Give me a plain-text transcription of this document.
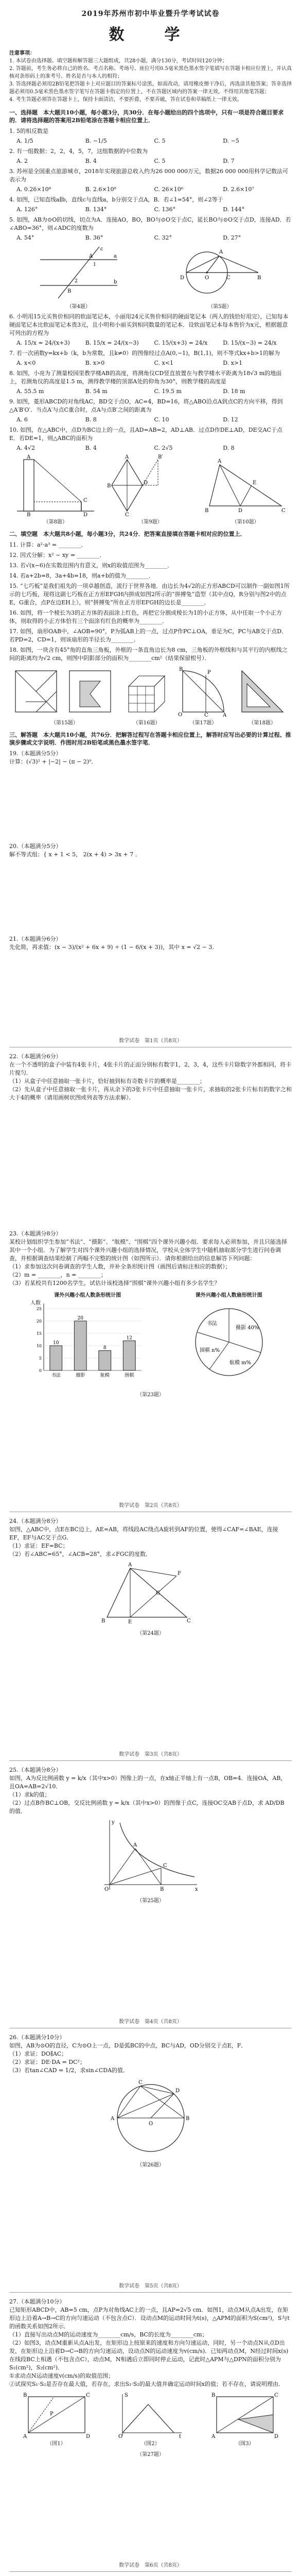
2019年苏州市初中毕业暨升学考试试卷
数　学
注意事项：
1. 本试卷由选择题、填空题和解答题三大题组成，共28小题，满分130分，考试时间120分钟；
2. 答题前，考生务必将自己的姓名、考点名称、考场号、座位号用0.5毫米黑色墨水签字笔填写在答题卡相应位置上，并认真核对条形码上的准考号、姓名是否与本人的相符；
3. 答选择题必须用2B铅笔把答题卡上对应题目的答案标号涂黑，如需改动，请用橡皮擦干净后，再选涂其他答案；答非选择题必须用0.5毫米黑色墨水签字笔写在答题卡指定的位置上，不在答题区域内的答案一律无效，不得用其他笔答题；
4. 考生答题必须答在答题卡上，保持卡面清洁，不要折叠，不要弄破，答在试卷和草稿纸上一律无效。
一、选择题　本大题共10小题，每小题3分，共30分．在每小题给出的四个选项中，只有一项是符合题目要求的．请将选择题的答案用2B铅笔涂在答题卡相应位置上．
1. 5的相反数是
A. 1/5	B. −1/5	C. 5	D. −5
2. 有一组数据：2，2，4，5，7，这组数据的中位数为
A. 2	B. 4	C. 5	D. 7
3. 苏州是全国重点旅游城市，2018年实现旅游总收入约为26 000 000万元，数据26 000 000用科学记数法可表示为
A. 0.26×10⁸	B. 2.6×10⁸	C. 26×10⁶	D. 2.6×10⁷
4. 如图，已知直线a∥b，直线c与直线a，b分别交于点A，B．若∠1=54°，则∠2等于
A. 126°	B. 134°	C. 136°	D. 144°
5. 如图，AB为⊙O的切线，切点为A．连接AO，BO，BO与⊙O交于点C，延长BO与⊙O交于点D，连接AD．若∠ABO=36°，则∠ADC的度数为
A. 54°	B. 36°	C. 32°	D. 27°
a
b
c
A
B
1
2
（第4题）
A
B
C
D	O
（第5题）
6. 小明用15元买售价相同的软面笔记本，小丽用24元买售价相同的硬面笔记本（两人的钱恰好用完），已知每本硬面笔记本比软面笔记本贵3元，且小明和小丽买到相同数量的笔记本．设软面笔记本每本售价为x元，根据题意可列出的方程为
A. 15/x = 24/(x+3)	B. 15/x = 24/(x−3)	C. 15/(x+3) = 24/x	D. 15/(x−3) = 24/x
7. 若一次函数y=kx+b（k，b为常数，且k≠0）的图像经过点A(0,−1)，B(1,1)，则不等式kx+b>1的解为
A. x<0	B. x>0	C. x<1	D. x>1
8. 如图，小亮为了测量校园里教学楼AB的高度，将测角仪CD竖直放置在与教学楼水平距离为18√3 m的地面上，若测角仪的高度是1.5 m，测得教学楼的顶部A处的仰角为30°，则教学楼的高度是
A. 55.5 m	B. 54 m	C. 19.5 m	D. 18 m
9. 如图，菱形ABCD的对角线AC，BD交于点O，AC=4，BD=16，将△ABO沿点A到点C的方向平移，得到△A′B′O′．当点A′与点C重合时，点A与点B′之间的距离为
A. 6	B. 8	C. 10	D. 12
10. 如图，在△ABC中，点D为BC边上的一点，且AD=AB=2，AD⊥AB．过点D作DE⊥AD，DE交AC于点E．若DE=1，则△ABC的面积为
A. 4√2	B. 4	C. 2√5	D. 8
A
B
C
D
（第8题）
A
B
C
D
B′
（第9题）
A
B	C
D
E
（第10题）
二、填空题　本大题共8小题，每小题3分，共24分．把答案直接填在答题卡相对应的位置上．
11. 计算：a²·a³ = ________．
12. 因式分解：x² − xy = ________．
13. 若√(x−6)在实数范围内有意义，则x的取值范围为________．
14. 若a+2b=8，3a+4b=18，则a+b的值为________．
15. “七巧板”是我们祖先的一项卓越创造，流行于世界各地．由边长为4√2的正方形ABCD可以制作一副如图1所示的七巧板，现将这副七巧板在正方形EFGH内拼成如图2所示的“拼搏兔”造型（其中点Q，R分别与图2中的点E，G重合，点P在边EH上），则“拼搏兔”所在正方形EFGH的边长是________．
16. 如图，将一个棱长为3的正方体的表面涂上红色，再把它分割成棱长为1的小正方体，从中任取一个小正方体，则取得的小正方体恰有三个面涂有红色的概率为________．
17. 如图，扇形OAB中，∠AOB=90°，P为弧AB上的一点，过点P作PC⊥OA，垂足为C，PC与AB交于点D．若PD=2，CD=1，则该扇形的半径长为________．
18. 如图，一块含有45°角的直角三角板，外框的一条直角边长为8 cm，三角板的外框线和与其平行的内框线之间的距离均为√2 cm，则图中阴影部分的面积为________cm²（结果保留根号）．
（第15题）	（第16题）
O	A
B
C
P
（第17题）	（第18题）
三、解答题　本大题共10小题，共76分．把解答过程写在答题卡相应位置上，解答时应写出必要的计算过程、推演步骤或文字说明．作图时用2B铅笔或黑色墨水签字笔．
19.（本题满分5分）
计算：(√3)² + |−2| − (π − 2)⁰．
20.（本题满分5分）
解不等式组：{ x + 1 < 5， 2(x + 4) > 3x + 7 ．
21.（本题满分6分）
先化简，再求值：(x − 3)/(x² + 6x + 9) ÷ (1 − 6/(x + 3))，其中 x = √2 − 3．
数学试卷　第1页（共8页）
22.（本题满分6分）
在一个不透明的盒子中装有4张卡片，4张卡片的正面分别标有数字1，2，3，4，这些卡片除数字外都相同，将卡片搅匀．
（1）从盒子中任意抽取一张卡片，恰好抽到标有奇数卡片的概率是________；
（2）先从盒子中任意抽取一张卡片，再从余下的3张卡片中任意抽取一张卡片，求抽取的2张卡片标有的数字之和大于4的概率（请用画树状图或列表等方法求解）．
23.（本题满分8分）
某校计划组织学生参加“书法”、“摄影”、“航模”、“围棋”四个课外兴趣小组．要求每人必须参加，并且只能选择其中一个小组．为了解学生对四个课外兴趣小组的选择情况，学校从全体学生中随机抽取部分学生进行问卷调查，并根据调查结果绘制了两幅不完整的统计图（如图所示）．请你根据给出的信息解答下列问题：
（1）求参加这次问卷调查的学生人数，并补全条形统计图（画图后请标注相应的数据）；
（2）m = ________，n = ________；
（3）若某校共有1200名学生，试估计该校选择“围棋”课外兴趣小组有多少名学生？
课外兴趣小组人数条形统计图
人数
0
5
10
15
20
25
书法
10
摄影
20
航模
8
围棋
12
课外兴趣小组人数扇形统计图
书法
摄影 40%
航模 m%
围棋 n%
（第23题）
数学试卷　第2页（共8页）
24.（本题满分8分）
如图，△ABC中，点E在BC边上，AE=AB，将线段AC绕点A旋转到AF的位置，使得∠CAF=∠BAE，连接EF，EF与AC交于点G．
（1）求证：EF=BC；
（2）若∠ABC=65°，∠ACB=28°，求∠FGC的度数．
A
B	C
E
F
G
（第24题）
数学试卷　第3页（共8页）
25.（本题满分8分）
如图，A为反比例函数 y = k/x（其中x>0）图像上的一点，在x轴正半轴上有一点B，OB=4．连接OA，AB，且OA=AB=2√10．
（1）求k的值；
（2）过点B作BC⊥OB，交反比例函数 y = k/x（其中x>0）的图像于点C，连接OC交AB于点D，求 AD/DB 的值．
O
A
B
C
x
y
（第25题）
数学试卷　第4页（共8页）
26.（本题满分10分）
如图，AB为⊙O的直径，C为⊙O上一点，D是弧BC的中点，BC与AD，OD分别交于点E，F．
（1）求证：DO∥AC；
（2）求证：DE·DA = DC²；
（3）若tan∠CAD = 1/2，求sin∠CDA的值．
A	B
C
D
O
（第26题）
数学试卷　第5页（共8页）
27.（本题满分10分）
已知矩形ABCD中，AB=5 cm，点P为对角线AC上的一点，且AP=2√5 cm．如图1，动点M从点A出发，在矩形边上沿着A→B→C的方向匀速运动（不包含点C）．设动点M的运动时间为t(s)，△APM的面积为S(cm²)，S与t的函数关系如图2所示．
（1）直接写出动点M的运动速度为________cm/s，BC的长度为________cm；
（2）如图3，动点M重新从点A出发，在矩形边上按原来的速度和方向匀速运动，同时，另一个动点N从点D出发，在矩形边上沿着D→C→B的方向匀速运动，设动点N的运动速度为v(cm/s)．已知两动点M，N经过时间x(s)在线段BC上相遇（不包含点C），动点M，N相遇后立即同时停止运动，记此时△APM与△DPN的面积分别为S₁(cm²)，S₂(cm²)．
①求动点N运动速度v(cm/s)的取值范围；
②试探究S₁·S₂是否存在最大值，若存在，求出S₁·S₂的最大值并确定运动时间x的值；若不存在，请说明理由．
A
B	C
D
P
（图1）
t
S
O
（图2）
A
B	C
D
（图3）
（第27题）
数学试卷　第6页（共8页）
